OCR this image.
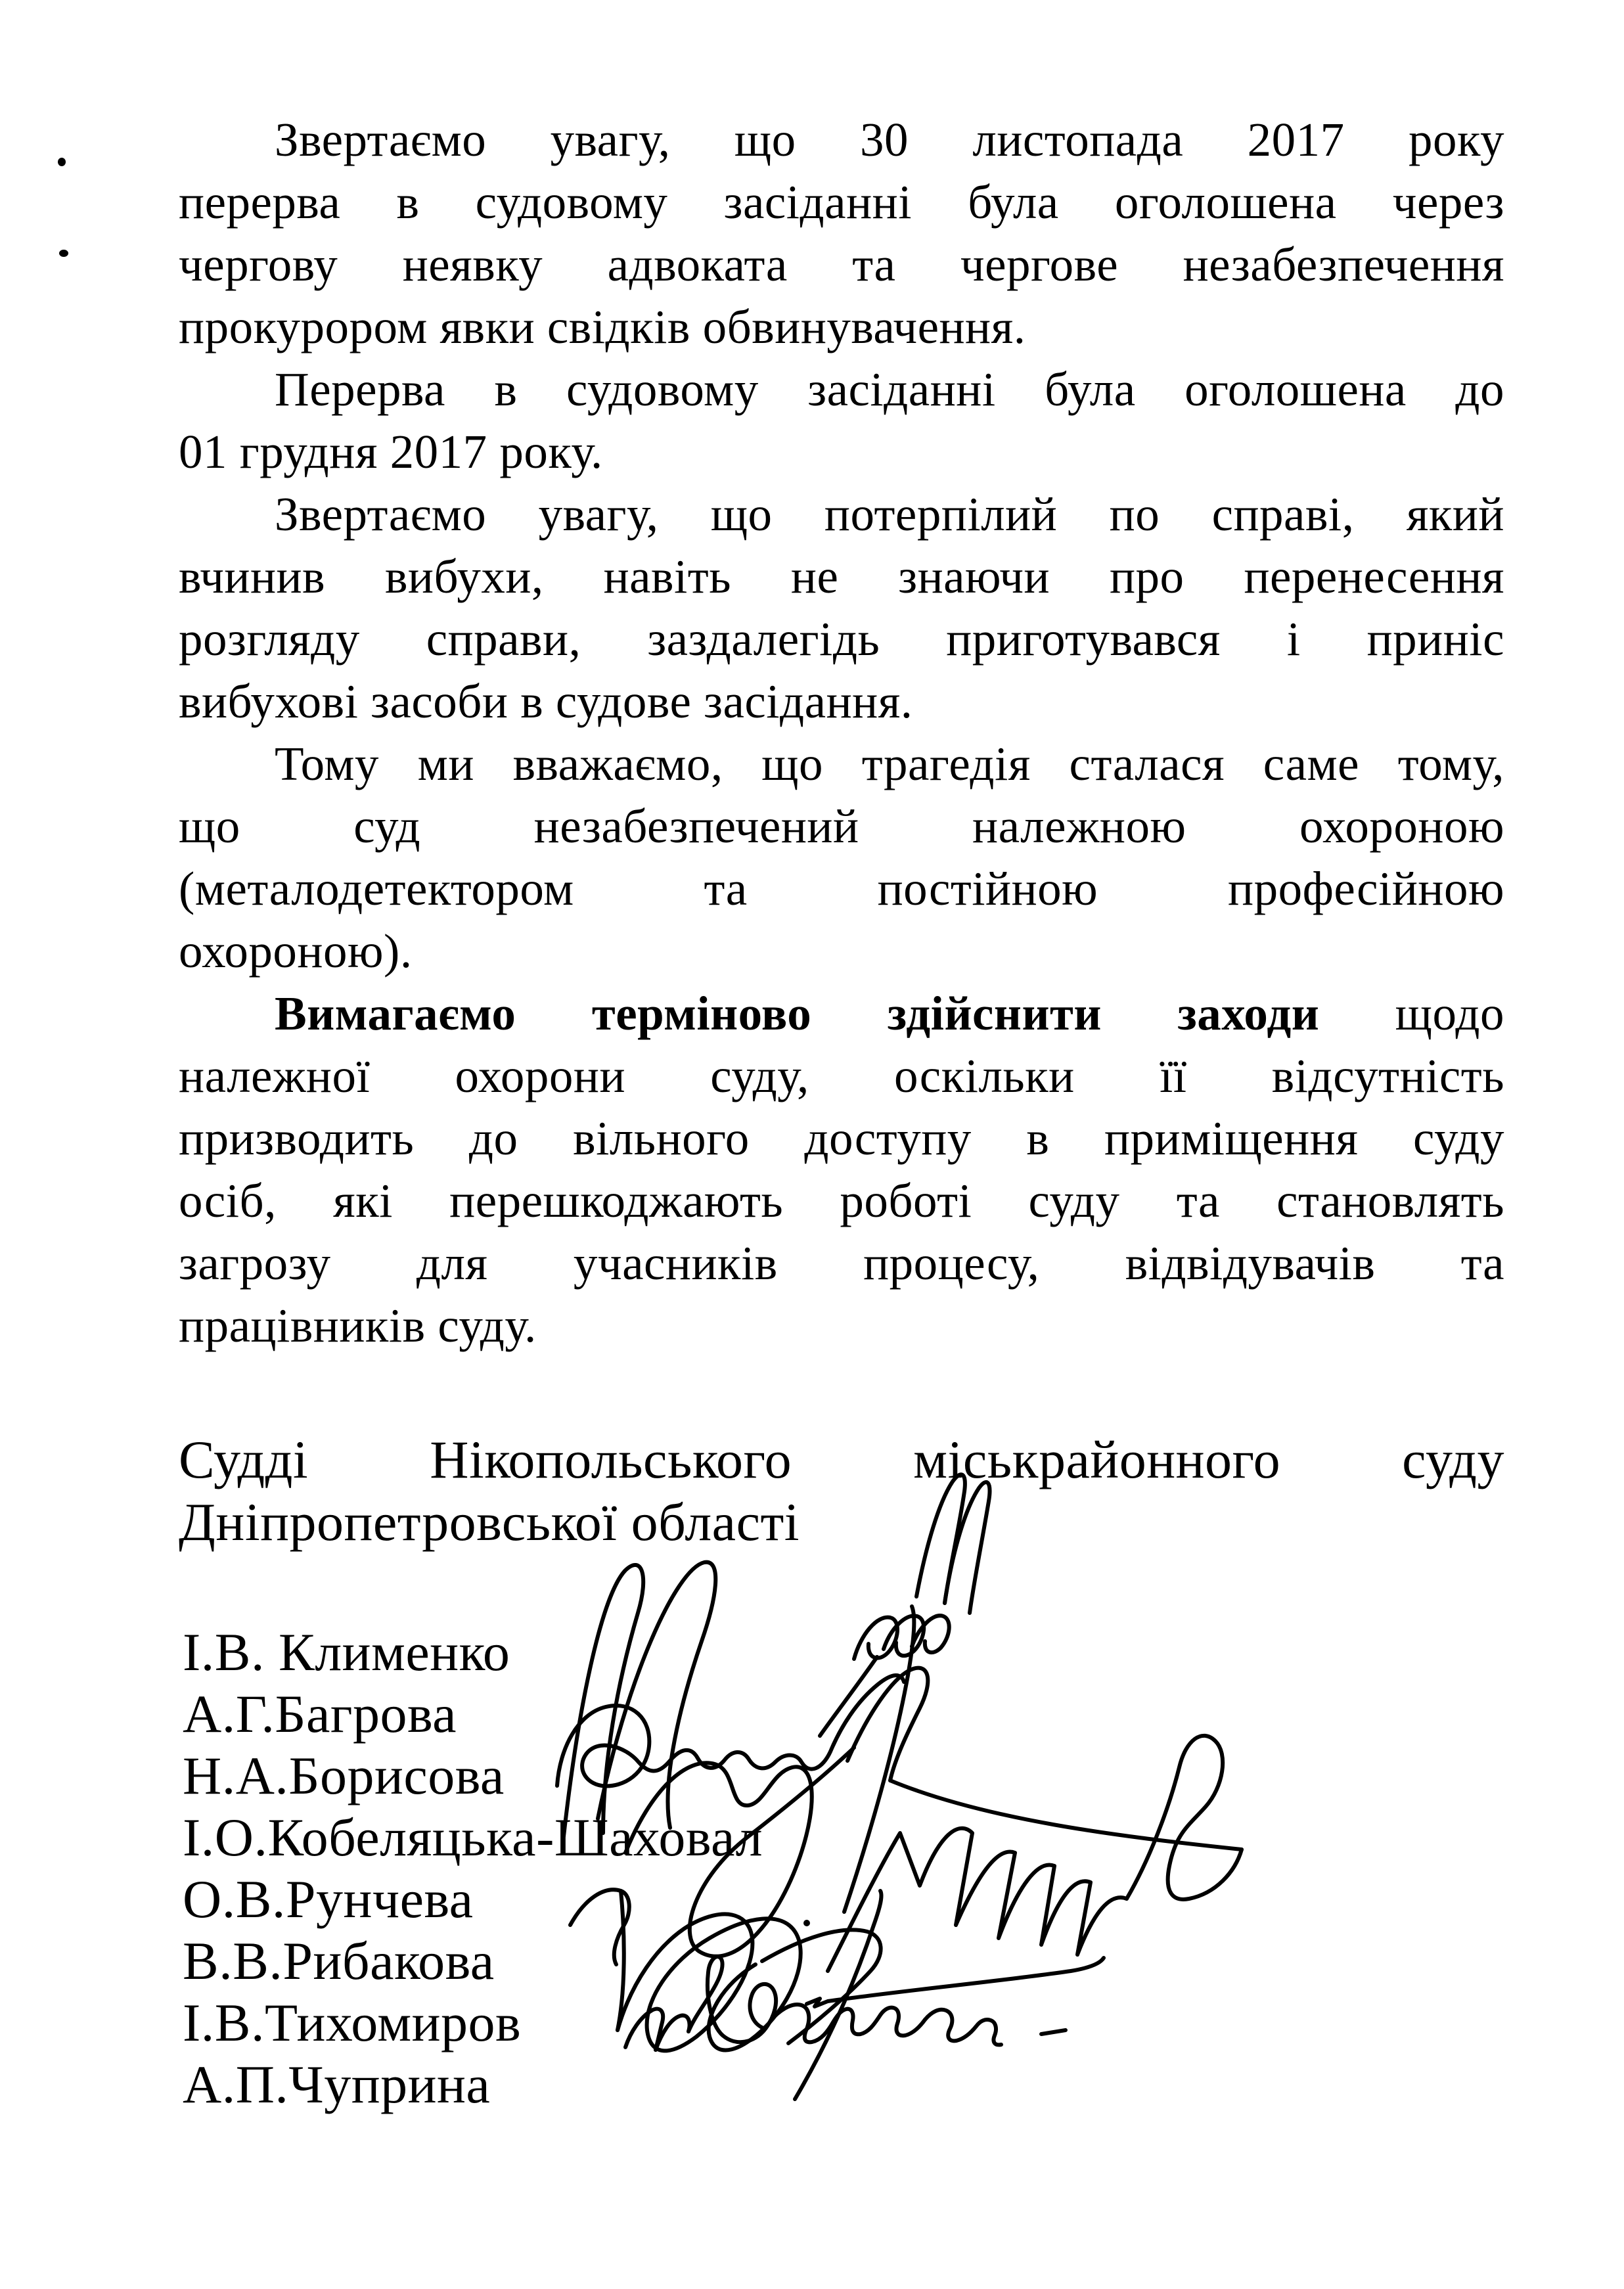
Звертаємо увагу, що 30 листопада 2017 року
перерва в судовому засіданні була оголошена через
чергову неявку адвоката та чергове незабезпечення
прокурором явки свідків обвинувачення.
Перерва в судовому засіданні була оголошена до
01 грудня 2017 року.
Звертаємо увагу, що потерпілий по справі, який
вчинив вибухи, навіть не знаючи про перенесення
розгляду справи, заздалегідь приготувався і приніс
вибухові засоби в судове засідання.
Тому ми вважаємо, що трагедія сталася саме тому,
що суд незабезпечений належною охороною
(металодетектором та постійною професійною
охороною).
Вимагаємо терміново здійснити заходи щодо
належної охорони суду, оскільки її відсутність
призводить до вільного доступу в приміщення суду
осіб, які перешкоджають роботі суду та становлять
загрозу для учасників процесу, відвідувачів та
працівників суду.
Судді Нікопольського міськрайонного суду
Дніпропетровської області
І.В. Клименко
А.Г.Багрова
Н.А.Борисова
І.О.Кобеляцька-Шаховал
О.В.Рунчева
В.В.Рибакова
І.В.Тихомиров
А.П.Чуприна
